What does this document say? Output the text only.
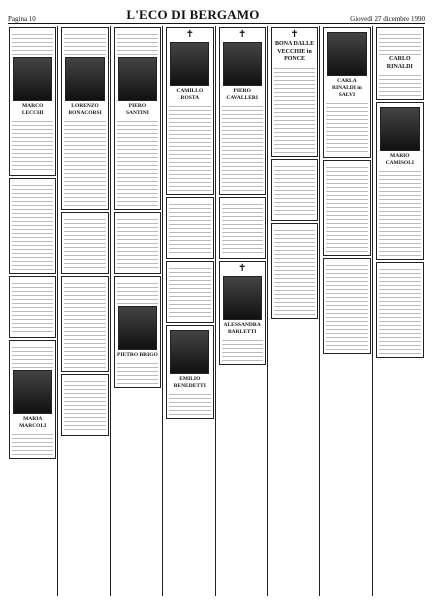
Pagina 10	L'ECO DI BERGAMO	Giovedì 27 dicembre 1990
MARCO LECCHI
MARIA MARCOLI
LORENZO BONACORSI
PIERO SANTINI
PIETRO BRIGO
✝
CAMILLO ROSTA
EMILIO BENEDETTI
✝
PIERO CAVALLERI
✝
ALESSANDRA BARLETTI
✝
BONA DALLE VECCHIE in PONCE
CARLA RINALDI in SALVI
CARLO RINALDI
MARIO CAMISOLI
